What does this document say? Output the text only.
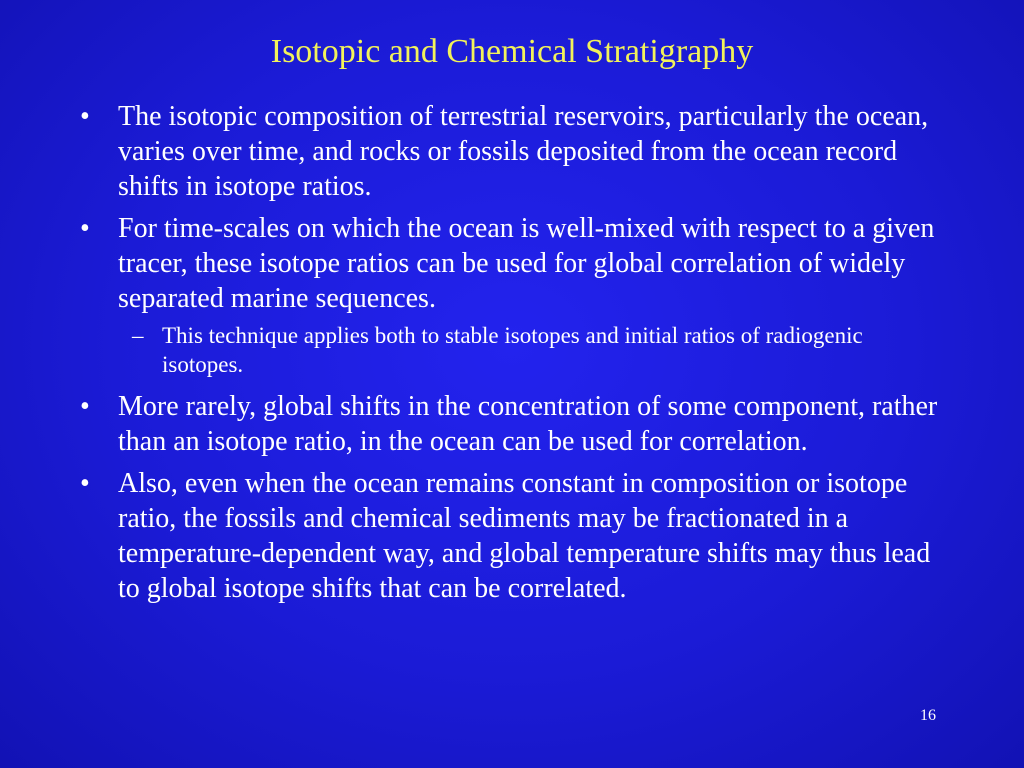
Isotopic and Chemical Stratigraphy
• The isotopic composition of terrestrial reservoirs, particularly the ocean, varies over time, and rocks or fossils deposited from the ocean record shifts in isotope ratios.
• For time-scales on which the ocean is well-mixed with respect to a given tracer, these isotope ratios can be used for global correlation of widely separated marine sequences.
– This technique applies both to stable isotopes and initial ratios of radiogenic isotopes.
• More rarely, global shifts in the concentration of some component, rather than an isotope ratio, in the ocean can be used for correlation.
• Also, even when the ocean remains constant in composition or isotope ratio, the fossils and chemical sediments may be fractionated in a temperature-dependent way, and global temperature shifts may thus lead to global isotope shifts that can be correlated.
16
